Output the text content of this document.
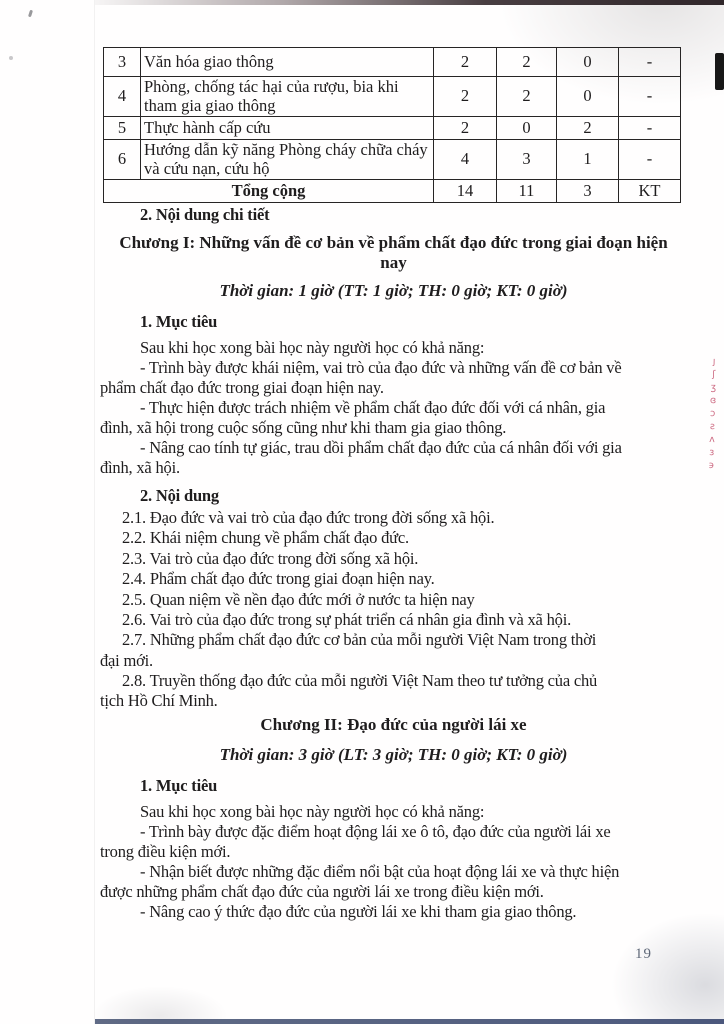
ȷʃʒɞɔƨʌɜ϶
3	Văn hóa giao thông	2	2	0	-
4	Phòng, chống tác hại của rượu, bia khi tham gia giao thông	2	2	0	-
5	Thực hành cấp cứu	2	0	2	-
6	Hướng dẫn kỹ năng Phòng cháy chữa cháy và cứu nạn, cứu hộ	4	3	1	-
Tổng cộng		14	11	3	KT
2. Nội dung chi tiết
Chương I: Những vấn đề cơ bản về phẩm chất đạo đức trong giai đoạn hiện
nay
Thời gian: 1 giờ (TT: 1 giờ; TH: 0 giờ; KT: 0 giờ)
1. Mục tiêu
Sau khi học xong bài học này người học có khả năng:
- Trình bày được khái niệm, vai trò của đạo đức và những vấn đề cơ bản về
phẩm chất đạo đức trong giai đoạn hiện nay.
- Thực hiện được trách nhiệm về phẩm chất đạo đức đối với cá nhân, gia
đình, xã hội trong cuộc sống cũng như khi tham gia giao thông.
- Nâng cao tính tự giác, trau dồi phẩm chất đạo đức của cá nhân đối với gia
đình, xã hội.
2. Nội dung
2.1. Đạo đức và vai trò của đạo đức trong đời sống xã hội.
2.2. Khái niệm chung về phẩm chất đạo đức.
2.3. Vai trò của đạo đức trong đời sống xã hội.
2.4. Phẩm chất đạo đức trong giai đoạn hiện nay.
2.5. Quan niệm về nền đạo đức mới ở nước ta hiện nay
2.6. Vai trò của đạo đức trong sự phát triển cá nhân gia đình và xã hội.
2.7. Những phẩm chất đạo đức cơ bản của mỗi người Việt Nam trong thời
đại mới.
2.8. Truyền thống đạo đức của mỗi người Việt Nam theo tư tưởng của chủ
tịch Hồ Chí Minh.
Chương II: Đạo đức của người lái xe
Thời gian: 3 giờ (LT: 3 giờ; TH: 0 giờ; KT: 0 giờ)
1. Mục tiêu
Sau khi học xong bài học này người học có khả năng:
- Trình bày được đặc điểm hoạt động lái xe ô tô, đạo đức của người lái xe
trong điều kiện mới.
- Nhận biết được những đặc điểm nổi bật của hoạt động lái xe và thực hiện
được những phẩm chất đạo đức của người lái xe trong điều kiện mới.
- Nâng cao ý thức đạo đức của người lái xe khi tham gia giao thông.
19
